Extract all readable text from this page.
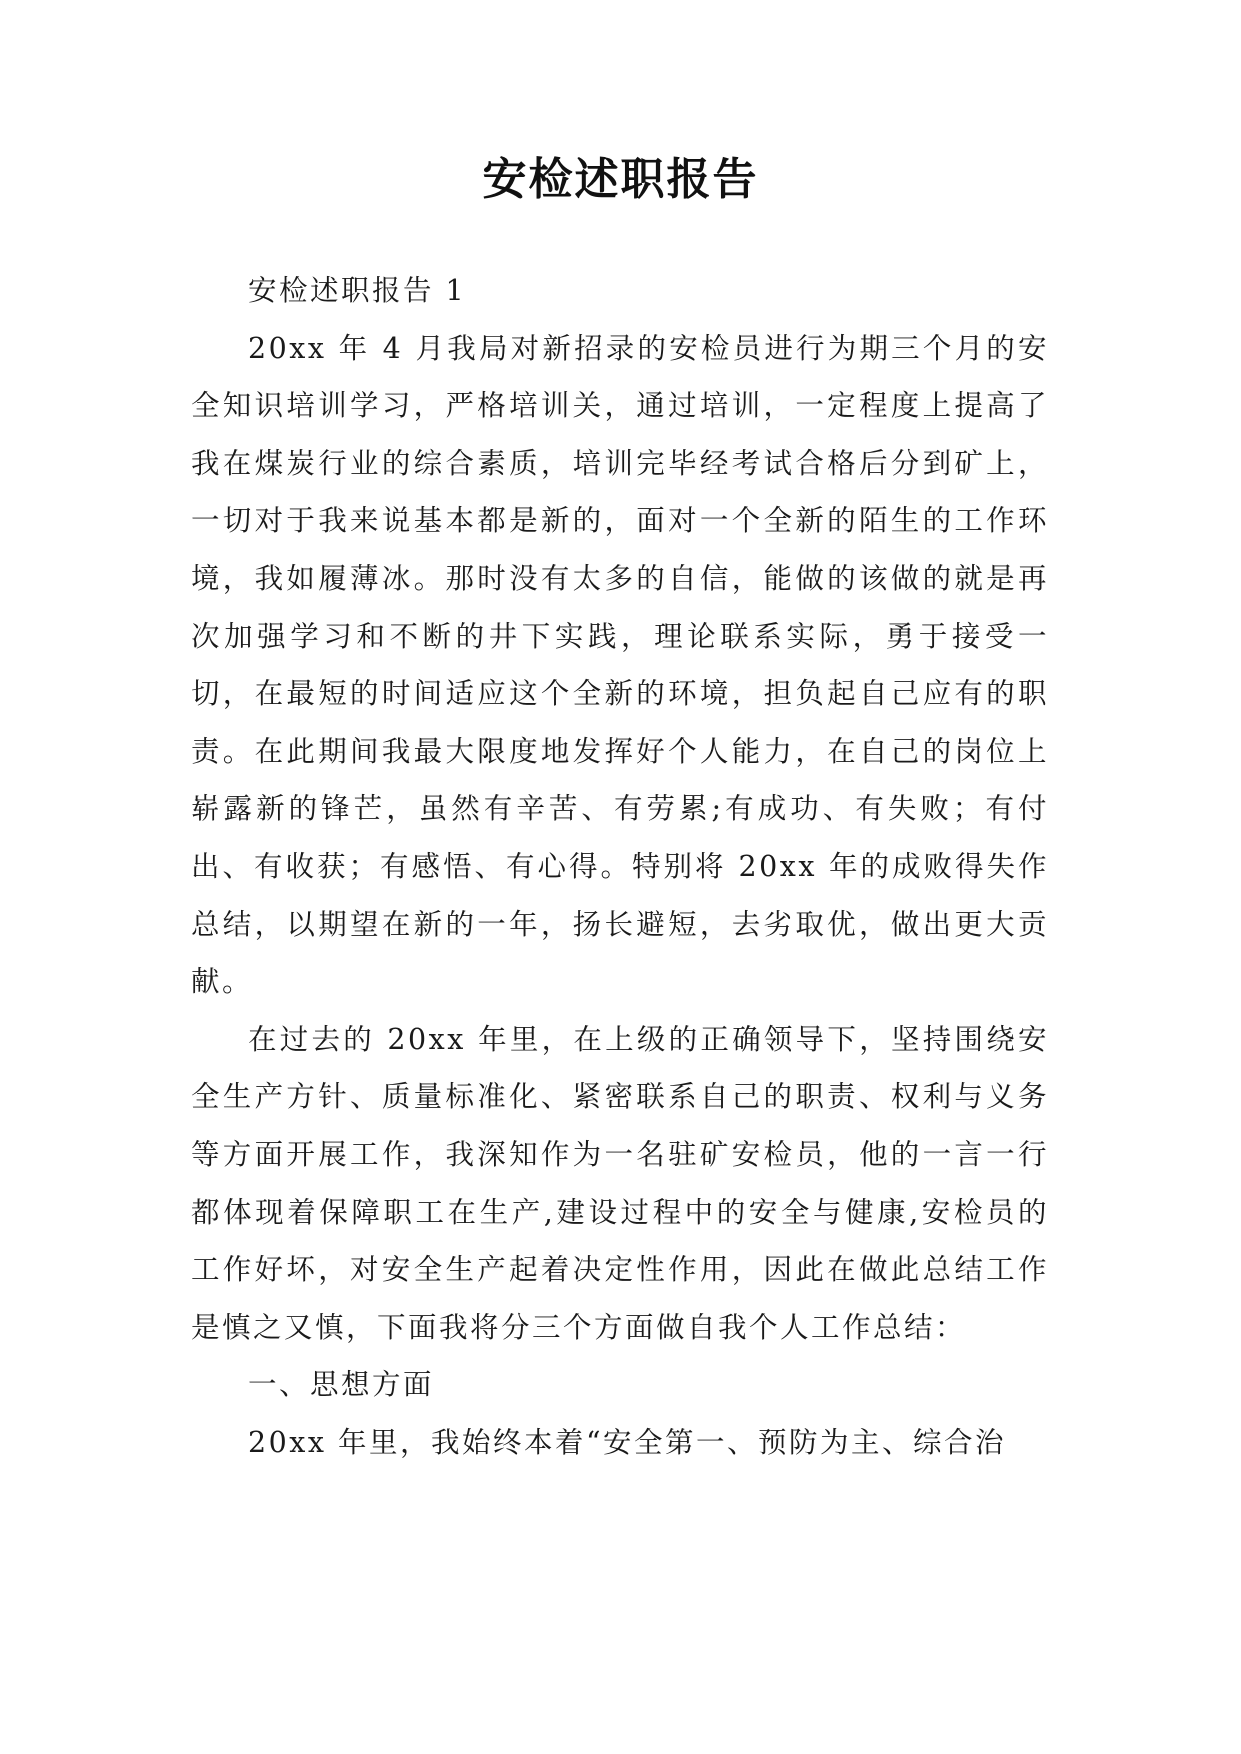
安检述职报告

安检述职报告 1

20xx 年 4 月我局对新招录的安检员进行为期三个月的安全知识培训学习，严格培训关，通过培训，一定程度上提高了我在煤炭行业的综合素质，培训完毕经考试合格后分到矿上，一切对于我来说基本都是新的，面对一个全新的陌生的工作环境，我如履薄冰。那时没有太多的自信，能做的该做的就是再次加强学习和不断的井下实践，理论联系实际，勇于接受一切，在最短的时间适应这个全新的环境，担负起自己应有的职责。在此期间我最大限度地发挥好个人能力，在自己的岗位上崭露新的锋芒，虽然有辛苦、有劳累;有成功、有失败；有付出、有收获；有感悟、有心得。特别将 20xx 年的成败得失作总结，以期望在新的一年，扬长避短，去劣取优，做出更大贡献。

在过去的 20xx 年里，在上级的正确领导下，坚持围绕安全生产方针、质量标准化、紧密联系自己的职责、权利与义务等方面开展工作，我深知作为一名驻矿安检员，他的一言一行都体现着保障职工在生产,建设过程中的安全与健康,安检员的工作好坏，对安全生产起着决定性作用，因此在做此总结工作是慎之又慎，下面我将分三个方面做自我个人工作总结：

一、思想方面

20xx 年里，我始终本着“安全第一、预防为主、综合治
